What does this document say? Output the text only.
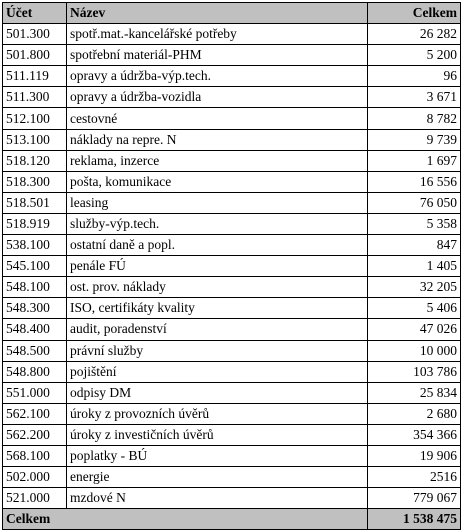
Účet	Název	Celkem
501.300	spotř.mat.-kancelářské potřeby	26 282
501.800	spotřební materiál-PHM	5 200
511.119	opravy a údržba-výp.tech.	96
511.300	opravy a údržba-vozidla	3 671
512.100	cestovné	8 782
513.100	náklady na repre. N	9 739
518.120	reklama, inzerce	1 697
518.300	pošta, komunikace	16 556
518.501	leasing	76 050
518.919	služby-výp.tech.	5 358
538.100	ostatní daně a popl.	847
545.100	penále FÚ	1 405
548.100	ost. prov. náklady	32 205
548.300	ISO, certifikáty kvality	5 406
548.400	audit, poradenství	47 026
548.500	právní služby	10 000
548.800	pojištění	103 786
551.000	odpisy DM	25 834
562.100	úroky z provozních úvěrů	2 680
562.200	úroky z investičních úvěrů	354 366
568.100	poplatky - BÚ	19 906
502.000	energie	2516
521.000	mzdové N	779 067
Celkem		1 538 475
